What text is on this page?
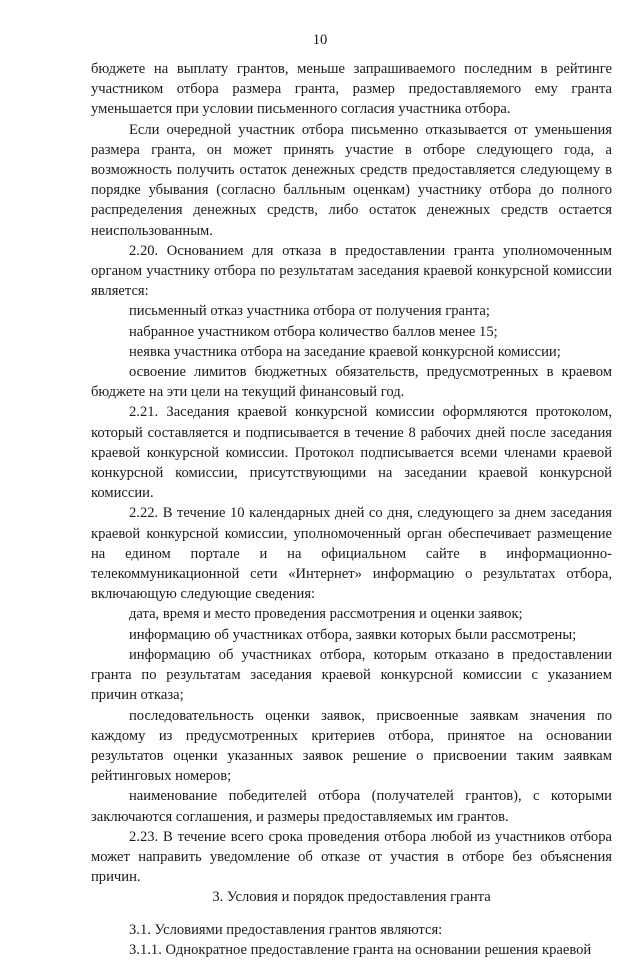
10

бюджете на выплату грантов, меньше запрашиваемого последним в рейтинге участником отбора размера гранта, размер предоставляемого ему гранта уменьшается при условии письменного согласия участника отбора.

Если очередной участник отбора письменно отказывается от уменьшения размера гранта, он может принять участие в отборе следующего года, а возможность получить остаток денежных средств предоставляется следующему в порядке убывания (согласно балльным оценкам) участнику отбора до полного распределения денежных средств, либо остаток денежных средств остается неиспользованным.

2.20. Основанием для отказа в предоставлении гранта уполномоченным органом участнику отбора по результатам заседания краевой конкурсной комиссии является:

письменный отказ участника отбора от получения гранта;

набранное участником отбора количество баллов менее 15;

неявка участника отбора на заседание краевой конкурсной комиссии;

освоение лимитов бюджетных обязательств, предусмотренных в краевом бюджете на эти цели на текущий финансовый год.

2.21. Заседания краевой конкурсной комиссии оформляются протоколом, который составляется и подписывается в течение 8 рабочих дней после заседания краевой конкурсной комиссии. Протокол подписывается всеми членами краевой конкурсной комиссии, присутствующими на заседании краевой конкурсной комиссии.

2.22. В течение 10 календарных дней со дня, следующего за днем заседания краевой конкурсной комиссии, уполномоченный орган обеспечивает размещение на едином портале и на официальном сайте в информационно-телекоммуникационной сети «Интернет» информацию о результатах отбора, включающую следующие сведения:

дата, время и место проведения рассмотрения и оценки заявок;

информацию об участниках отбора, заявки которых были рассмотрены;

информацию об участниках отбора, которым отказано в предоставлении гранта по результатам заседания краевой конкурсной комиссии с указанием причин отказа;

последовательность оценки заявок, присвоенные заявкам значения по каждому из предусмотренных критериев отбора, принятое на основании результатов оценки указанных заявок решение о присвоении таким заявкам рейтинговых номеров;

наименование победителей отбора (получателей грантов), с которыми заключаются соглашения, и размеры предоставляемых им грантов.

2.23. В течение всего срока проведения отбора любой из участников отбора может направить уведомление об отказе от участия в отборе без объяснения причин.

3. Условия и порядок предоставления гранта

3.1. Условиями предоставления грантов являются:

3.1.1. Однократное предоставление гранта на основании решения краевой
